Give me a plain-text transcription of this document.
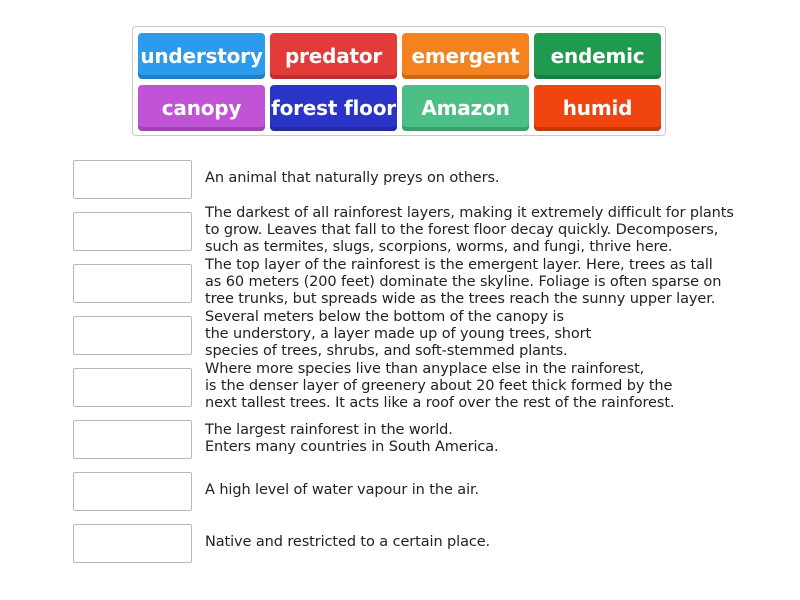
understory	predator	emergent	endemic
canopy	forest floor	Amazon	humid
An animal that naturally preys on others.
The darkest of all rainforest layers, making it extremely difficult for plants
to grow. Leaves that fall to the forest floor decay quickly. Decomposers,
such as termites, slugs, scorpions, worms, and fungi, thrive here.
The top layer of the rainforest is the emergent layer. Here, trees as tall
as 60 meters (200 feet) dominate the skyline. Foliage is often sparse on
tree trunks, but spreads wide as the trees reach the sunny upper layer.
Several meters below the bottom of the canopy is
the understory, a layer made up of young trees, short
species of trees, shrubs, and soft-stemmed plants.
Where more species live than anyplace else in the rainforest,
is the denser layer of greenery about 20 feet thick formed by the
next tallest trees. It acts like a roof over the rest of the rainforest.
The largest rainforest in the world.
Enters many countries in South America.
A high level of water vapour in the air.
Native and restricted to a certain place.
